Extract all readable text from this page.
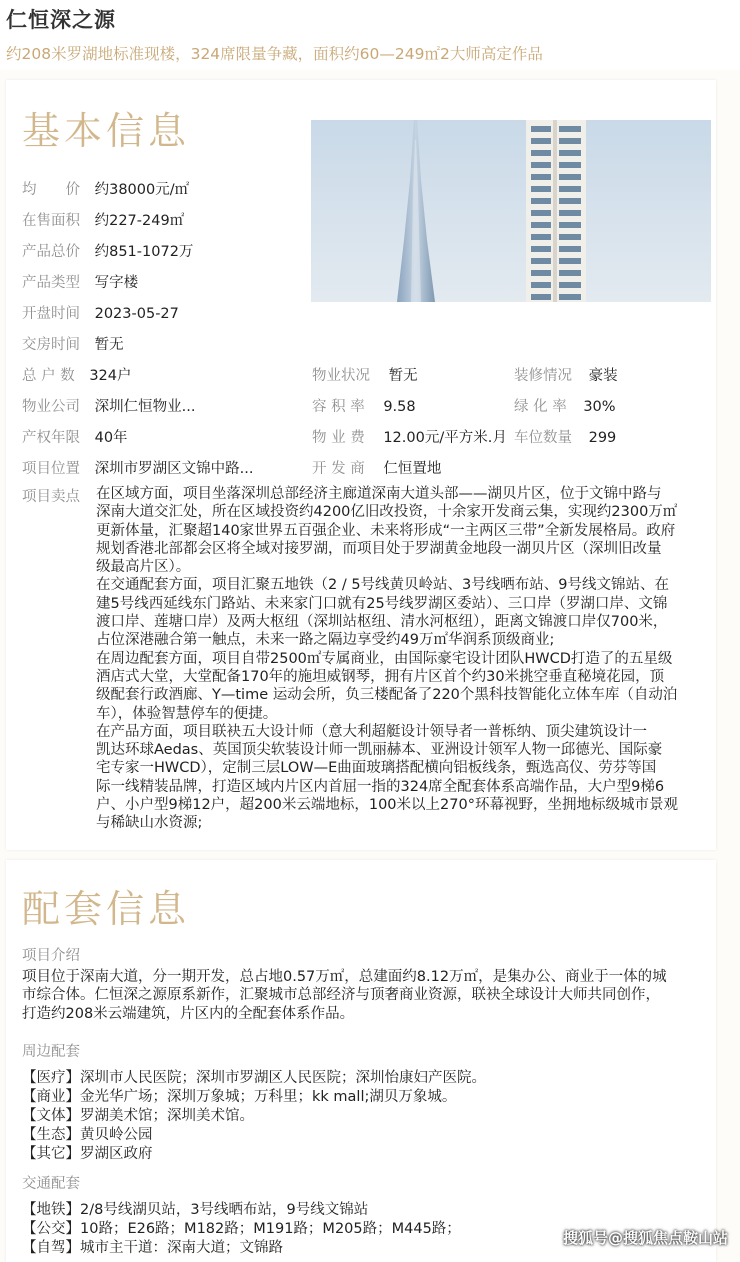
仁恒深之源
约208米罗湖地标准现楼，324席限量争藏，面积约60—249㎡2大师高定作品
基本信息
均　　价 约38000元/㎡
在售面积 约227-249㎡
产品总价 约851-1072万
产品类型 写字楼
开盘时间 2023-05-27
交房时间 暂无
总 户 数 324户
物业公司 深圳仁恒物业...
产权年限 40年
项目位置 深圳市罗湖区文锦中路...
物业状况 暂无
容 积 率 9.58
物 业 费 12.00元/平方米.月
开 发 商 仁恒置地
装修情况 豪装
绿 化 率 30%
车位数量 299
项目卖点 在区域方面，项目坐落深圳总部经济主廊道深南大道头部——湖贝片区，位于文锦中路与
深南大道交汇处，所在区域投资约4200亿旧改投资，十余家开发商云集，实现约2300万㎡
更新体量，汇聚超140家世界五百强企业、未来将形成“一主两区三带”全新发展格局。政府
规划香港北部都会区将全域对接罗湖，而项目处于罗湖黄金地段一湖贝片区（深圳旧改量
级最高片区）。
在交通配套方面，项目汇聚五地铁（2 / 5号线黄贝岭站、3号线晒布站、9号线文锦站、在
建5号线西延线东门路站、未来家门口就有25号线罗湖区委站）、三口岸（罗湖口岸、文锦
渡口岸、莲塘口岸）及两大枢纽（深圳站枢纽、清水河枢纽），距离文锦渡口岸仅700米，
占位深港融合第一触点，未来一路之隔边享受约49万㎡华润系顶级商业;
在周边配套方面，项目自带2500㎡专属商业，由国际豪宅设计团队HWCD打造了的五星级
酒店式大堂，大堂配备170年的施坦威钢琴，拥有片区首个约30米挑空垂直秘境花园，顶
级配套行政酒廊、Y—time 运动会所，负三楼配备了220个黑科技智能化立体车库（自动泊
车），体验智慧停车的便捷。
在产品方面，项目联袂五大设计师（意大利超艇设计领导者一普栎纳、顶尖建筑设计一
凯达环球Aedas、英国顶尖软装设计师一凯丽赫本、亚洲设计领军人物一邱德光、国际豪
宅专家一HWCD），定制三层LOW—E曲面玻璃搭配横向铝板线条，甄选高仪、劳芬等国
际一线精装品牌，打造区域内片区内首屈一指的324席全配套体系高端作品，大户型9梯6
户、小户型9梯12户，超200米云端地标，100米以上270°环幕视野，坐拥地标级城市景观
与稀缺山水资源;
配套信息
项目介绍
项目位于深南大道，分一期开发，总占地0.57万㎡，总建面约8.12万㎡，是集办公、商业于一体的城
市综合体。仁恒深之源原系新作，汇聚城市总部经济与顶奢商业资源，联袂全球设计大师共同创作，
打造约208米云端建筑，片区内的全配套体系作品。
周边配套
【医疗】深圳市人民医院；深圳市罗湖区人民医院；深圳怡康妇产医院。
【商业】金光华广场；深圳万象城；万科里；kk mall;湖贝万象城。
【文体】罗湖美术馆；深圳美术馆。
【生态】黄贝岭公园
【其它】罗湖区政府
交通配套
【地铁】2/8号线湖贝站，3号线晒布站，9号线文锦站
【公交】10路；E26路；M182路；M191路；M205路；M445路；
【自驾】城市主干道：深南大道；文锦路
搜狐号@搜狐焦点鞍山站
